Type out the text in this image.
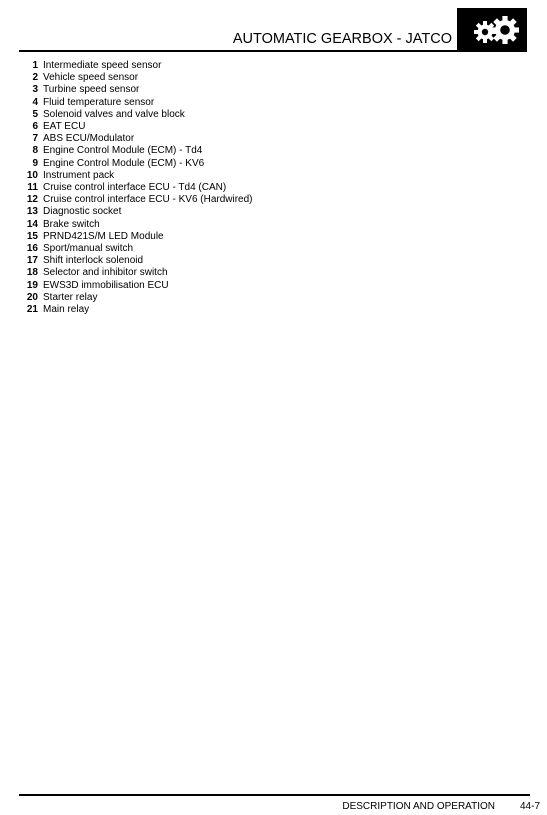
AUTOMATIC GEARBOX - JATCO
1 Intermediate speed sensor
2 Vehicle speed sensor
3 Turbine speed sensor
4 Fluid temperature sensor
5 Solenoid valves and valve block
6 EAT ECU
7 ABS ECU/Modulator
8 Engine Control Module (ECM) - Td4
9 Engine Control Module (ECM) - KV6
10 Instrument pack
11 Cruise control interface ECU - Td4 (CAN)
12 Cruise control interface ECU - KV6 (Hardwired)
13 Diagnostic socket
14 Brake switch
15 PRND421S/M LED Module
16 Sport/manual switch
17 Shift interlock solenoid
18 Selector and inhibitor switch
19 EWS3D immobilisation ECU
20 Starter relay
21 Main relay
DESCRIPTION AND OPERATION	44-7
